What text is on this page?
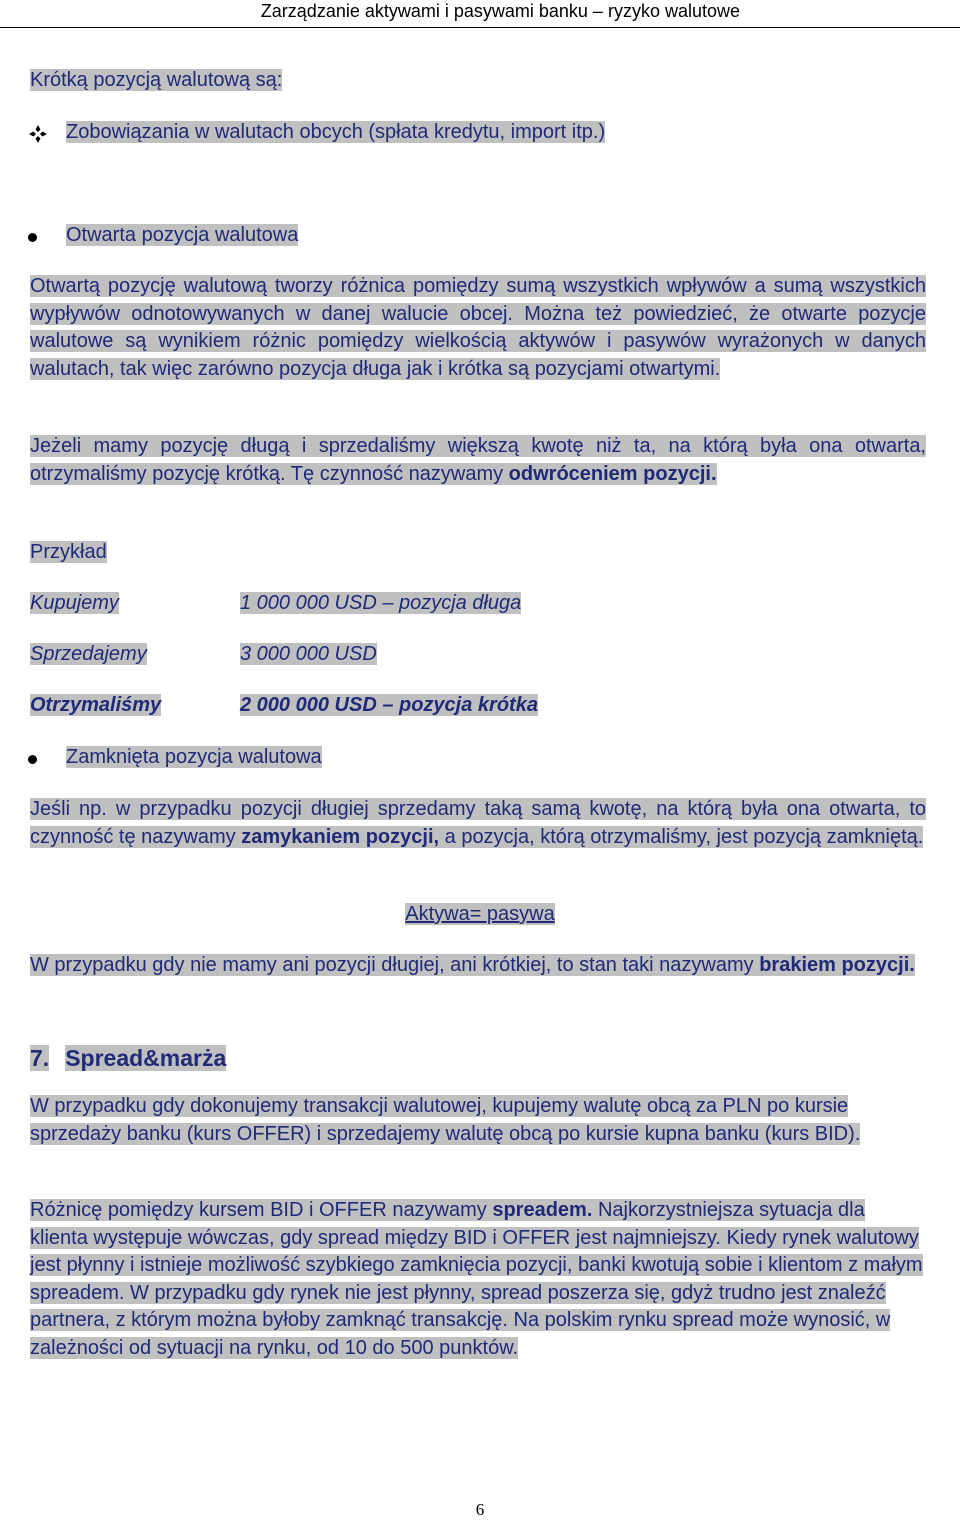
Zarządzanie aktywami i pasywami banku – ryzyko walutowe
Krótką pozycją walutową są:
Zobowiązania w walutach obcych (spłata kredytu, import itp.)
Otwarta pozycja walutowa
Otwartą pozycję walutową tworzy różnica pomiędzy sumą wszystkich wpływów a sumą wszystkich wypływów odnotowywanych w danej walucie obcej. Można też powiedzieć, że otwarte pozycje walutowe są wynikiem różnic pomiędzy wielkością aktywów i pasywów wyrażonych w danych walutach, tak więc zarówno pozycja długa jak i krótka są pozycjami otwartymi.
Jeżeli mamy pozycję długą i sprzedaliśmy większą kwotę niż ta, na którą była ona otwarta, otrzymaliśmy pozycję krótką. Tę czynność nazywamy odwróceniem pozycji.
Przykład
Kupujemy	1 000 000 USD – pozycja długa
Sprzedajemy	3 000 000 USD
Otrzymaliśmy	2 000 000 USD – pozycja krótka
Zamknięta pozycja walutowa
Jeśli np. w przypadku pozycji długiej sprzedamy taką samą kwotę, na którą była ona otwarta, to czynność tę nazywamy zamykaniem pozycji, a pozycja, którą otrzymaliśmy, jest pozycją zamkniętą.
Aktywa= pasywa
W przypadku gdy nie mamy ani pozycji długiej, ani krótkiej, to stan taki nazywamy brakiem pozycji.
7. Spread&marża
W przypadku gdy dokonujemy transakcji walutowej, kupujemy walutę obcą za PLN po kursie sprzedaży banku (kurs OFFER) i sprzedajemy walutę obcą po kursie kupna banku (kurs BID).
Różnicę pomiędzy kursem BID i OFFER nazywamy spreadem. Najkorzystniejsza sytuacja dla klienta występuje wówczas, gdy spread między BID i OFFER jest najmniejszy. Kiedy rynek walutowy jest płynny i istnieje możliwość szybkiego zamknięcia pozycji, banki kwotują sobie i klientom z małym spreadem. W przypadku gdy rynek nie jest płynny, spread poszerza się, gdyż trudno jest znaleźć partnera, z którym można byłoby zamknąć transakcję. Na polskim rynku spread może wynosić, w zależności od sytuacji na rynku, od 10 do 500 punktów.
6
